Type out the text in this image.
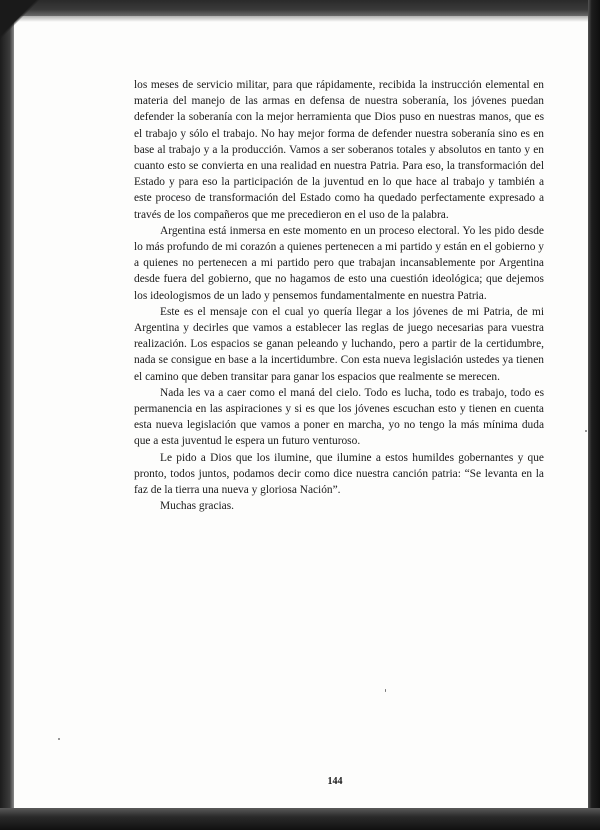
los meses de servicio militar, para que rápidamente, recibida la instrucción elemental en materia del manejo de las armas en defensa de nuestra soberanía, los jóvenes puedan defender la soberanía con la mejor herramienta que Dios puso en nuestras manos, que es el trabajo y sólo el trabajo. No hay mejor forma de defender nuestra soberanía sino es en base al trabajo y a la producción. Vamos a ser soberanos totales y absolutos en tanto y en cuanto esto se convierta en una realidad en nuestra Patria. Para eso, la transformación del Estado y para eso la participación de la juventud en lo que hace al trabajo y también a este proceso de transformación del Estado como ha quedado perfectamente expresado a través de los compañeros que me precedieron en el uso de la palabra.

Argentina está inmersa en este momento en un proceso electoral. Yo les pido desde lo más profundo de mi corazón a quienes pertenecen a mi partido y están en el gobierno y a quienes no pertenecen a mi partido pero que trabajan incansablemente por Argentina desde fuera del gobierno, que no hagamos de esto una cuestión ideológica; que dejemos los ideologismos de un lado y pensemos fundamentalmente en nuestra Patria.

Este es el mensaje con el cual yo quería llegar a los jóvenes de mi Patria, de mi Argentina y decirles que vamos a establecer las reglas de juego necesarias para vuestra realización. Los espacios se ganan peleando y luchando, pero a partir de la certidumbre, nada se consigue en base a la incertidumbre. Con esta nueva legislación ustedes ya tienen el camino que deben transitar para ganar los espacios que realmente se merecen.

Nada les va a caer como el maná del cielo. Todo es lucha, todo es trabajo, todo es permanencia en las aspiraciones y si es que los jóvenes escuchan esto y tienen en cuenta esta nueva legislación que vamos a poner en marcha, yo no tengo la más mínima duda que a esta juventud le espera un futuro venturoso.

Le pido a Dios que los ilumine, que ilumine a estos humildes gobernantes y que pronto, todos juntos, podamos decir como dice nuestra canción patria: “Se levanta en la faz de la tierra una nueva y gloriosa Nación”.

Muchas gracias.

144
